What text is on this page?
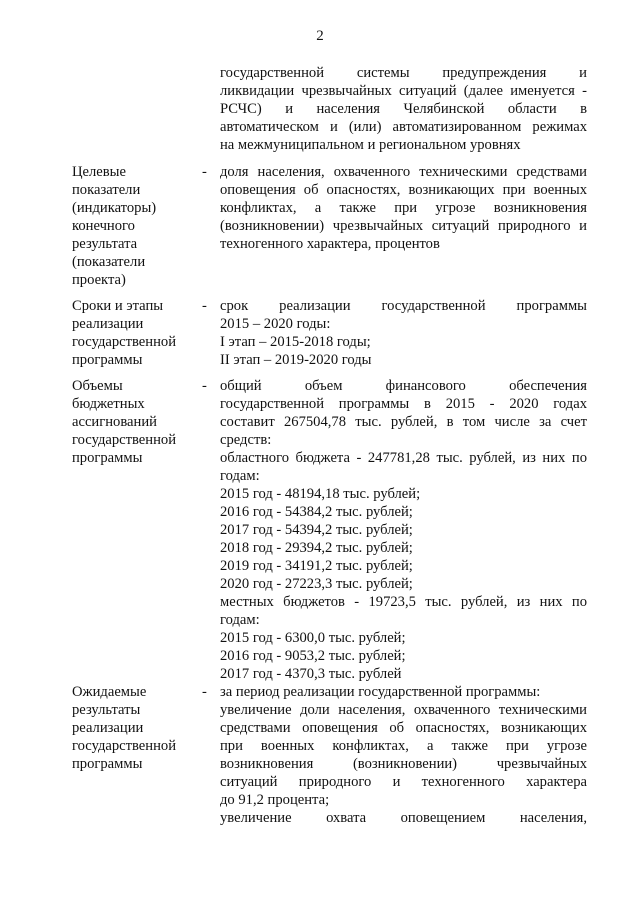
2
государственной системы предупреждения и
ликвидации чрезвычайных ситуаций (далее именуется -
РСЧС) и населения Челябинской области в
автоматическом и (или) автоматизированном режимах
на межмуниципальном и региональном уровнях
Целевые
показатели
(индикаторы)
конечного
результата
(показатели
проекта)
- доля населения, охваченного техническими средствами
оповещения об опасностях, возникающих при военных
конфликтах, а также при угрозе возникновения
(возникновении) чрезвычайных ситуаций природного и
техногенного характера, процентов
Сроки и этапы
реализации
государственной
программы
- срок реализации государственной программы
2015 – 2020 годы:
I этап – 2015-2018 годы;
II этап – 2019-2020 годы
Объемы
бюджетных
ассигнований
государственной
программы
- общий объем финансового обеспечения
государственной программы в 2015 - 2020 годах
составит 267504,78 тыс. рублей, в том числе за счет
средств:
областного бюджета - 247781,28 тыс. рублей, из них по
годам:
2015 год - 48194,18 тыс. рублей;
2016 год - 54384,2 тыс. рублей;
2017 год - 54394,2 тыс. рублей;
2018 год - 29394,2 тыс. рублей;
2019 год - 34191,2 тыс. рублей;
2020 год - 27223,3 тыс. рублей;
местных бюджетов - 19723,5 тыс. рублей, из них по
годам:
2015 год - 6300,0 тыс. рублей;
2016 год - 9053,2 тыс. рублей;
2017 год - 4370,3 тыс. рублей
Ожидаемые
результаты
реализации
государственной
программы
- за период реализации государственной программы:
увеличение доли населения, охваченного техническими
средствами оповещения об опасностях, возникающих
при военных конфликтах, а также при угрозе
возникновения (возникновении) чрезвычайных
ситуаций природного и техногенного характера
до 91,2 процента;
увеличение охвата оповещением населения,
